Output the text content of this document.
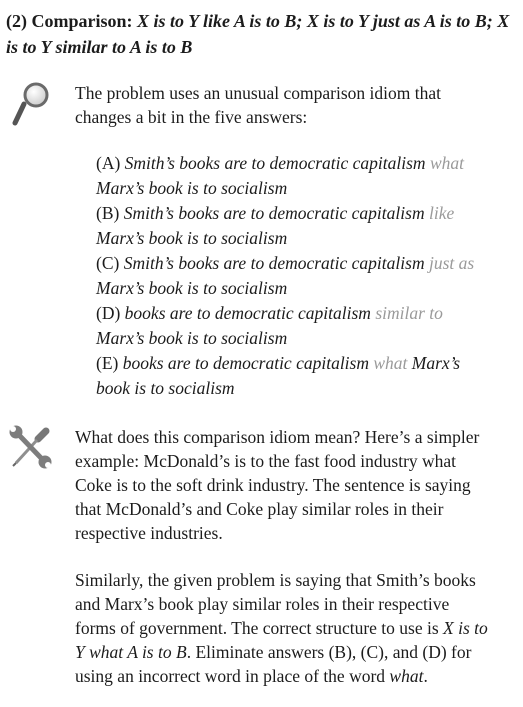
(2) Comparison: X is to Y like A is to B; X is to Y just as A is to B; X is to Y similar to A is to B
The problem uses an unusual comparison idiom that changes a bit in the five answers:

(A) Smith’s books are to democratic capitalism what Marx’s book is to socialism

(B) Smith’s books are to democratic capitalism like Marx’s book is to socialism

(C) Smith’s books are to democratic capitalism just as Marx’s book is to socialism

(D) books are to democratic capitalism similar to Marx’s book is to socialism

(E) books are to democratic capitalism what Marx’s book is to socialism

What does this comparison idiom mean? Here’s a simpler example: McDonald’s is to the fast food industry what Coke is to the soft drink industry. The sentence is saying that McDonald’s and Coke play similar roles in their respective industries.
Similarly, the given problem is saying that Smith’s books and Marx’s book play similar roles in their respective forms of government. The correct structure to use is X is to Y what A is to B. Eliminate answers (B), (C), and (D) for using an incorrect word in place of the word what.
